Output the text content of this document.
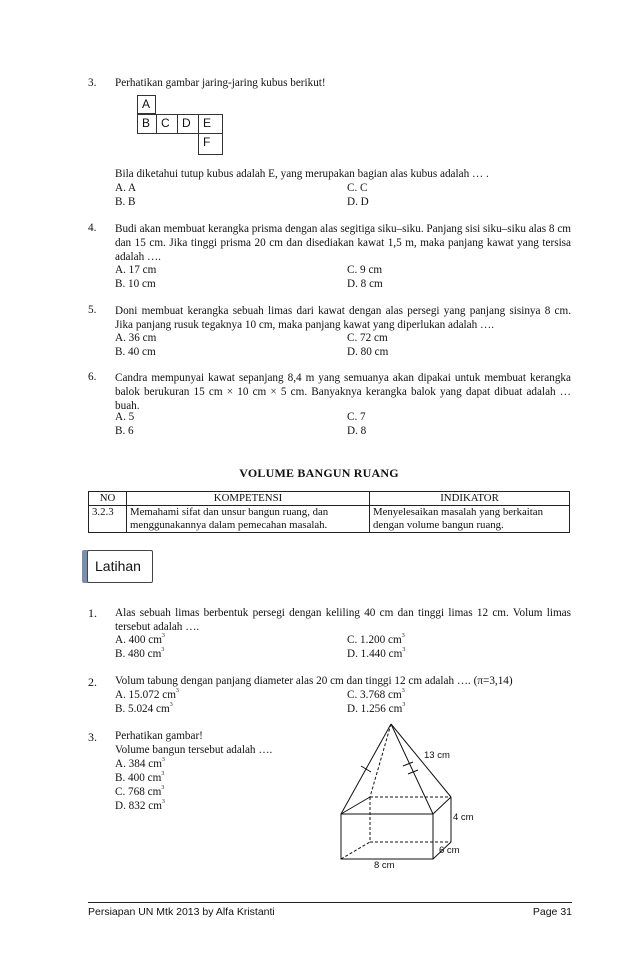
3. Perhatikan gambar jaring-jaring kubus berikut!
A
B C	D	E
F
Bila diketahui tutup kubus adalah E, yang merupakan bagian alas kubus adalah … .
A. A	C. C
B. B	D. D
4. Budi akan membuat kerangka prisma dengan alas segitiga siku–siku. Panjang sisi siku–siku alas 8 cm dan 15 cm. Jika tinggi prisma 20 cm dan disediakan kawat 1,5 m, maka panjang kawat yang tersisa adalah ….
A. 17 cm	C. 9 cm
B. 10 cm	D. 8 cm
5. Doni membuat kerangka sebuah limas dari kawat dengan alas persegi yang panjang sisinya 8 cm. Jika panjang rusuk tegaknya 10 cm, maka panjang kawat yang diperlukan adalah ….
A. 36 cm	C. 72 cm
B. 40 cm	D. 80 cm
6. Candra mempunyai kawat sepanjang 8,4 m yang semuanya akan dipakai untuk membuat kerangka balok berukuran 15 cm × 10 cm × 5 cm. Banyaknya kerangka balok yang dapat dibuat adalah … buah.
A. 5	C. 7
B. 6	D. 8
VOLUME BANGUN RUANG
NO	KOMPETENSI	INDIKATOR
3.2.3	Memahami sifat dan unsur bangun ruang, dan menggunakannya dalam pemecahan masalah.	Menyelesaikan masalah yang berkaitan dengan volume bangun ruang.
Latihan
1. Alas sebuah limas berbentuk persegi dengan keliling 40 cm dan tinggi limas 12 cm. Volum limas tersebut adalah ….
A. 400 $cm^3$	C. 1.200 $cm^3$
B. 480 $cm^3$	D. 1.440 $cm^3$
2. Volum tabung dengan panjang diameter alas 20 cm dan tinggi 12 cm adalah …. (π=3,14)
A. 15.072 $cm^3$	C. 3.768 $cm^3$
B. 5.024 $cm^3$	D. 1.256 $cm^3$
3. Perhatikan gambar!
Volume bangun tersebut adalah ….
A. 384 $cm^3$
B. 400 $cm^3$
C. 768 $cm^3$
D. 832 $cm^3$
13 cm
4 cm
6 cm
8 cm
Persiapan UN Mtk 2013 by Alfa Kristanti	Page 31
